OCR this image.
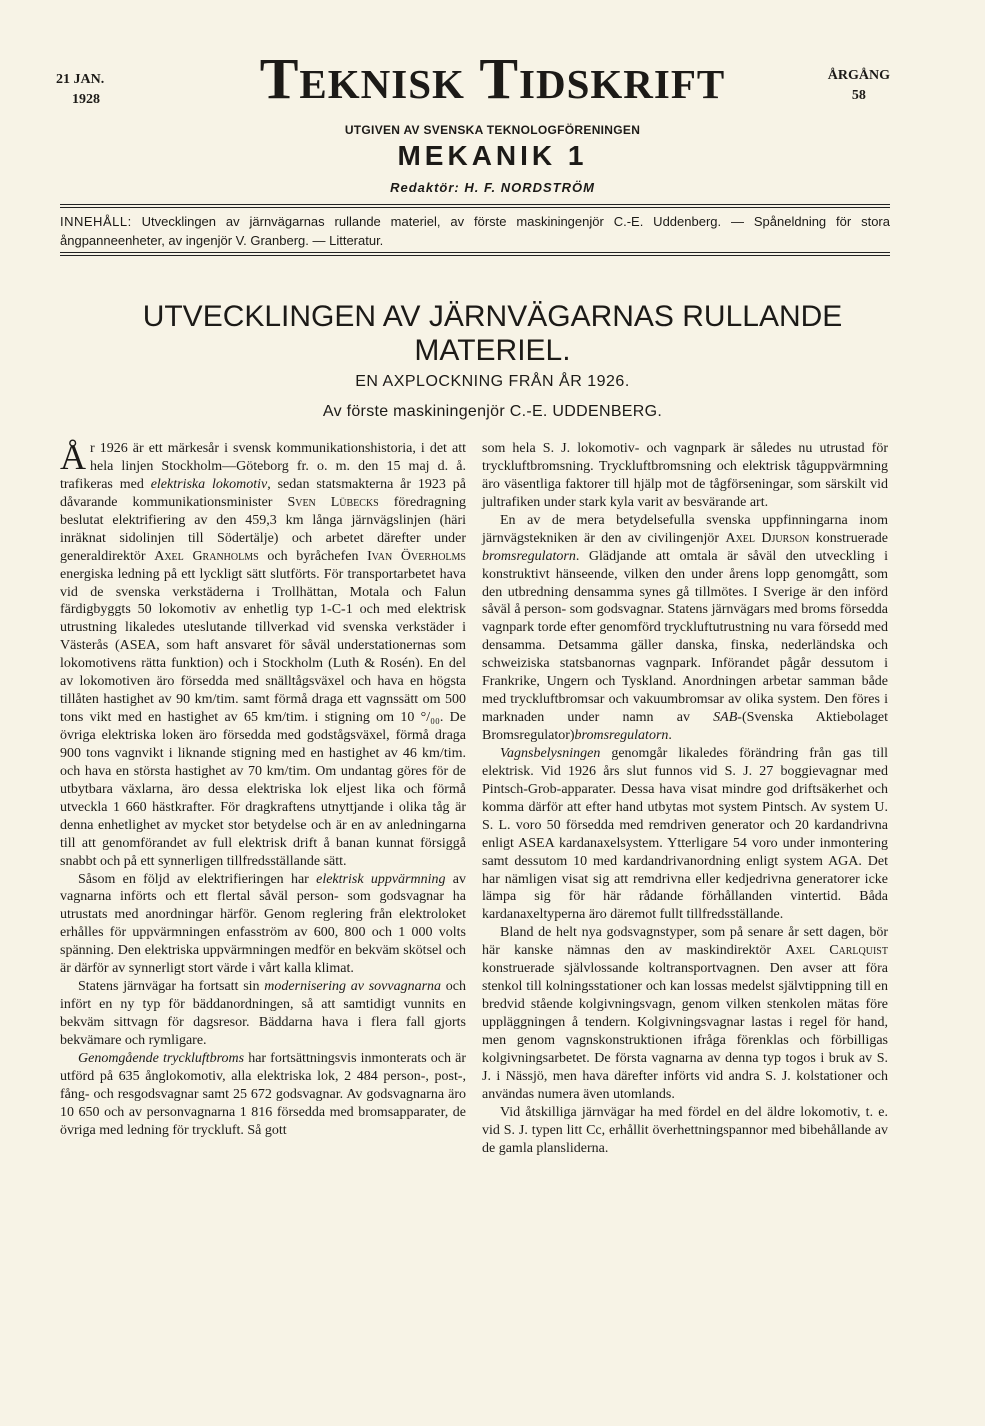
21 JAN.
1928	Teknisk Tidskrift	ÅRGÅNG
58
UTGIVEN AV SVENSKA TEKNOLOGFÖRENINGEN
MEKANIK 1
Redaktör: H. F. NORDSTRÖM
INNEHÅLL: Utvecklingen av järnvägarnas rullande materiel, av förste maskiningenjör C.-E. Uddenberg. — Spåneldning för stora ångpanneenheter, av ingenjör V. Granberg. — Litteratur.
UTVECKLINGEN AV JÄRNVÄGARNAS RULLANDE MATERIEL.
EN AXPLOCKNING FRÅN ÅR 1926.
Av förste maskiningenjör C.-E. UDDENBERG.

År 1926 är ett märkesår i svensk kommunikationshistoria, i det att hela linjen Stockholm—Göteborg fr. o. m. den 15 maj d. å. trafikeras med elektriska lokomotiv, sedan statsmakterna år 1923 på dåvarande kommunikationsminister Sven Lübecks föredragning beslutat elektrifiering av den 459,3 km långa järnvägslinjen (häri inräknat sidolinjen till Södertälje) och arbetet därefter under generaldirektör Axel Granholms och byråchefen Ivan Överholms energiska ledning på ett lyckligt sätt slutförts. För transportarbetet hava vid de svenska verkstäderna i Trollhättan, Motala och Falun färdigbyggts 50 lokomotiv av enhetlig typ 1-C-1 och med elektrisk utrustning likaledes uteslutande tillverkad vid svenska verkstäder i Västerås (ASEA, som haft ansvaret för såväl understationernas som lokomotivens rätta funktion) och i Stockholm (Luth & Rosén). En del av lokomotiven äro försedda med snälltågsväxel och hava en högsta tillåten hastighet av 90 km/tim. samt förmå draga ett vagnssätt om 500 tons vikt med en hastighet av 65 km/tim. i stigning om 10 °/₀₀. De övriga elektriska loken äro försedda med godstågsväxel, förmå draga 900 tons vagnvikt i liknande stigning med en hastighet av 46 km/tim. och hava en största hastighet av 70 km/tim. Om undantag göres för de utbytbara växlarna, äro dessa elektriska lok eljest lika och förmå utveckla 1 660 hästkrafter. För dragkraftens utnyttjande i olika tåg är denna enhetlighet av mycket stor betydelse och är en av anledningarna till att genomförandet av full elektrisk drift å banan kunnat försiggå snabbt och på ett synnerligen tillfredsställande sätt.

Såsom en följd av elektrifieringen har elektrisk uppvärmning av vagnarna införts och ett flertal såväl person- som godsvagnar ha utrustats med anordningar härför. Genom reglering från elektroloket erhålles för uppvärmningen enfasström av 600, 800 och 1 000 volts spänning. Den elektriska uppvärmningen medför en bekväm skötsel och är därför av synnerligt stort värde i vårt kalla klimat.

Statens järnvägar ha fortsatt sin modernisering av sovvagnarna och infört en ny typ för bäddanordningen, så att samtidigt vunnits en bekväm sittvagn för dagsresor. Bäddarna hava i flera fall gjorts bekvämare och rymligare.

Genomgående tryckluftbroms har fortsättningsvis inmonterats och är utförd på 635 ånglokomotiv, alla elektriska lok, 2 484 person-, post-, fång- och resgodsvagnar samt 25 672 godsvagnar. Av godsvagnarna äro 10 650 och av personvagnarna 1 816 försedda med bromsapparater, de övriga med ledning för tryckluft. Så gott

som hela S. J. lokomotiv- och vagnpark är således nu utrustad för tryckluftbromsning. Tryckluftbromsning och elektrisk tåguppvärmning äro väsentliga faktorer till hjälp mot de tågförseningar, som särskilt vid jultrafiken under stark kyla varit av besvärande art.

En av de mera betydelsefulla svenska uppfinningarna inom järnvägstekniken är den av civilingenjör Axel Djurson konstruerade bromsregulatorn. Glädjande att omtala är såväl den utveckling i konstruktivt hänseende, vilken den under årens lopp genomgått, som den utbredning densamma synes gå tillmötes. I Sverige är den införd såväl å person- som godsvagnar. Statens järnvägars med broms försedda vagnpark torde efter genomförd tryckluftutrustning nu vara försedd med densamma. Detsamma gäller danska, finska, nederländska och schweiziska statsbanornas vagnpark. Införandet pågår dessutom i Frankrike, Ungern och Tyskland. Anordningen arbetar samman både med tryckluftbromsar och vakuumbromsar av olika system. Den föres i marknaden under namn av SAB-(Svenska Aktiebolaget Bromsregulator)bromsregulatorn.

Vagnsbelysningen genomgår likaledes förändring från gas till elektrisk. Vid 1926 års slut funnos vid S. J. 27 boggievagnar med Pintsch-Grob-apparater. Dessa hava visat mindre god driftsäkerhet och komma därför att efter hand utbytas mot system Pintsch. Av system U. S. L. voro 50 försedda med remdriven generator och 20 kardandrivna enligt ASEA kardanaxelsystem. Ytterligare 54 voro under inmontering samt dessutom 10 med kardandrivanordning enligt system AGA. Det har nämligen visat sig att remdrivna eller kedjedrivna generatorer icke lämpa sig för här rådande förhållanden vintertid. Båda kardanaxeltyperna äro däremot fullt tillfredsställande.

Bland de helt nya godsvagnstyper, som på senare år sett dagen, bör här kanske nämnas den av maskindirektör Axel Carlquist konstruerade självlossande koltransportvagnen. Den avser att föra stenkol till kolningsstationer och kan lossas medelst självtippning till en bredvid stående kolgivningsvagn, genom vilken stenkolen mätas före uppläggningen å tendern. Kolgivningsvagnar lastas i regel för hand, men genom vagnskonstruktionen ifråga förenklas och förbilligas kolgivningsarbetet. De första vagnarna av denna typ togos i bruk av S. J. i Nässjö, men hava därefter införts vid andra S. J. kolstationer och användas numera även utomlands.

Vid åtskilliga järnvägar ha med fördel en del äldre lokomotiv, t. e. vid S. J. typen litt Cc, erhållit överhettningspannor med bibehållande av de gamla plansliderna.
